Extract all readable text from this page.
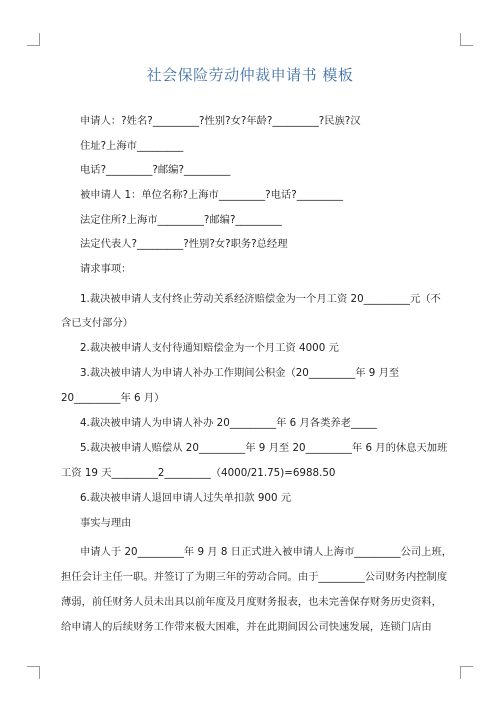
社会保险劳动仲裁申请书 模板
申请人：?姓名?_________?性别?女?年龄?_________?民族?汉
住址?上海市_________
电话?_________?邮编?_________
被申请人 1：单位名称?上海市_________?电话?_________
法定住所?上海市_________?邮编?_________
法定代表人?_________?性别?女?职务?总经理
请求事项：
1.裁决被申请人支付终止劳动关系经济赔偿金为一个月工资 20_________元（不
含已支付部分）
2.裁决被申请人支付待通知赔偿金为一个月工资 4000 元
3.裁决被申请人为申请人补办工作期间公积金（20_________年 9 月至
20_________年 6 月）
4.裁决被申请人为申请人补办 20_________年 6 月各类养老_____
5.裁决被申请人赔偿从 20_________年 9 月至 20_________年 6 月的休息天加班
工资 19 天_________2_________（4000/21.75)=6988.50
6.裁决被申请人退回申请人过失单扣款 900 元
事实与理由
申请人于 20_________年 9 月 8 日正式进入被申请人上海市_________公司上班，
担任会计主任一职。并签订了为期三年的劳动合同。由于_________公司财务内控制度
薄弱，前任财务人员未出具以前年度及月度财务报表，也未完善保存财务历史资料，
给申请人的后续财务工作带来极大困难，并在此期间因公司快速发展，连锁门店由
